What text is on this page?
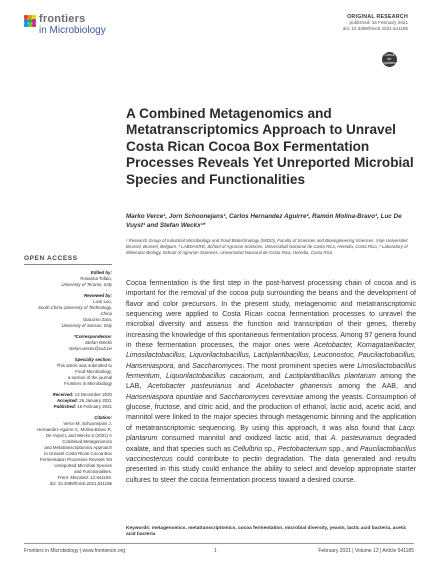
frontiers
in Microbiology
ORIGINAL RESEARCH
published: 16 February 2021
doi: 10.3389/fmicb.2021.641185
Check for updates
A Combined Metagenomics and Metatranscriptomics Approach to Unravel Costa Rican Cocoa Box Fermentation Processes Reveals Yet Unreported Microbial Species and Functionalities
Marko Verce¹, Jorn Schoonejans¹, Carlos Hernandez Aguirre², Ramón Molina-Bravo³, Luc De Vuyst¹ and Stefan Weckx¹*
¹ Research Group of Industrial Microbiology and Food Biotechnology (IMDO), Faculty of Sciences and Bioengineering Sciences, Vrije Universiteit Brussel, Brussel, Belgium, ² LABDASRD, School of Agrarian Sciences, Universidad Nacional de Costa Rica, Heredia, Costa Rica, ³ Laboratory of Molecular Biology, School of Agrarian Sciences, Universidad Nacional de Costa Rica, Heredia, Costa Rica
OPEN ACCESS
Edited by:
Rosanna Tofalo,
University of Teramo, Italy
Reviewed by:
Lixin Luo,
South China University of Technology,
China
Giacomo Zara,
University of Sassari, Italy
*Correspondence:
Stefan Weckx
stefan.weckx@vub.be
Specialty section:
This article was submitted to
Food Microbiology,
a section of the journal
Frontiers in Microbiology
Received: 13 December 2020
Accepted: 26 January 2021
Published: 16 February 2021
Citation:
Verce M, Schoonejans J,
Hernandez Aguirre C, Molina-Bravo R,
De Vuyst L and Weckx S (2021) A
Combined Metagenomics
and Metatranscriptomics Approach
to Unravel Costa Rican Cocoa Box
Fermentation Processes Reveals Yet
Unreported Microbial Species
and Functionalities.
Front. Microbiol. 12:641185.
doi: 10.3389/fmicb.2021.641185

Cocoa fermentation is the first step in the post-harvest processing chain of cocoa and is important for the removal of the cocoa pulp surrounding the beans and the development of flavor and color precursors. In the present study, metagenomic and metatranscriptomic sequencing were applied to Costa Rican cocoa fermentation processes to unravel the microbial diversity and assess the function and transcription of their genes, thereby increasing the knowledge of this spontaneous fermentation process. Among 97 genera found in these fermentation processes, the major ones were Acetobacter, Komagataeibacter, Limosilactobacillus, Liquorilactobacillus, Lactiplantibacillus, Leuconostoc, Paucilactobacillus, Hanseniaspora, and Saccharomyces. The most prominent species were Limosilactobacillus fermentum, Liquorilactobacillus cacaonum, and Lactiplantibacillus plantarum among the LAB, Acetobacter pasteurianus and Acetobacter ghanensis among the AAB, and Hanseniaspora opuntiae and Saccharomyces cerevisiae among the yeasts. Consumption of glucose, fructose, and citric acid, and the production of ethanol, lactic acid, acetic acid, and mannitol were linked to the major species through metagenomic binning and the application of metatranscriptomic sequencing. By using this approach, it was also found that Lacp. plantarum consumed mannitol and oxidized lactic acid, that A. pasteurianus degraded oxalate, and that species such as Cellulbrio sp., Pectobacterium spp., and Paucilactobacillus vaccinostercus could contribute to pectin degradation. The data generated and results presented in this study could enhance the ability to select and develop appropriate starter cultures to steer the cocoa fermentation process toward a desired course.

Keywords: metagenomics, metatranscriptomics, cocoa fermentation, microbial diversity, yeasts, lactic acid bacteria, acetic acid bacteria
Frontiers in Microbiology | www.frontiersin.org	1	February 2021 | Volume 12 | Article 641185
